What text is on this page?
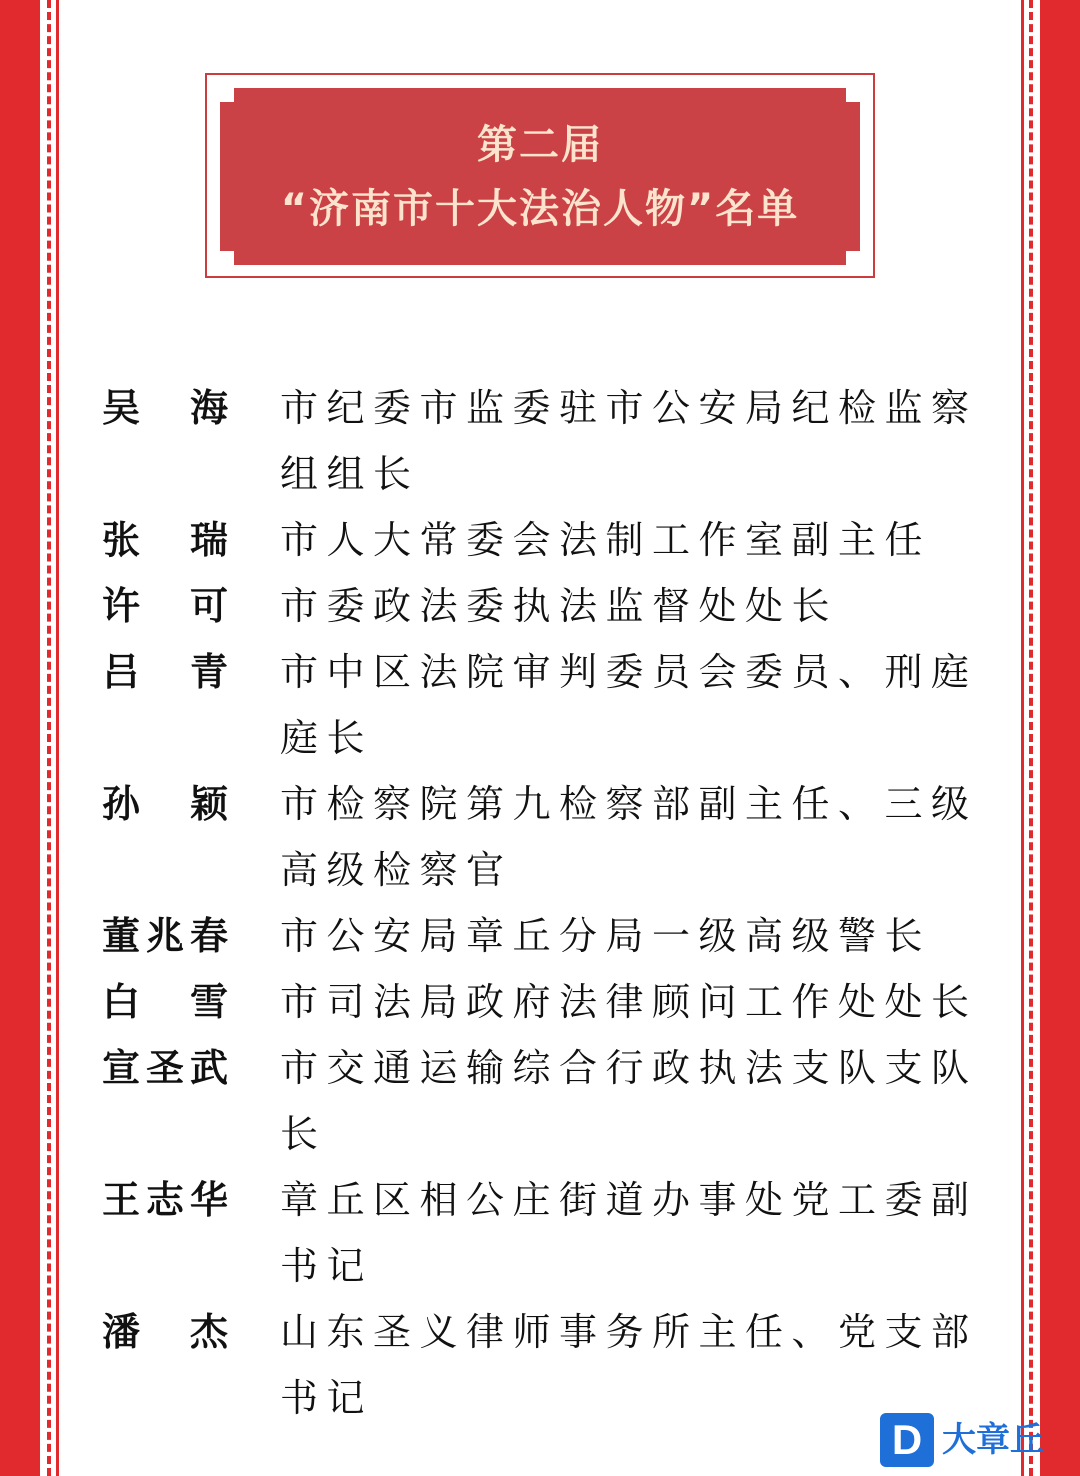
第二届
“济南市十大法治人物”名单
吴海	市纪委市监委驻市公安局纪检监察组组长
张瑞	市人大常委会法制工作室副主任
许可	市委政法委执法监督处处长
吕青	市中区法院审判委员会委员、刑庭庭长
孙颖	市检察院第九检察部副主任、三级高级检察官
董兆春	市公安局章丘分局一级高级警长
白雪	市司法局政府法律顾问工作处处长
宣圣武	市交通运输综合行政执法支队支队长
王志华	章丘区相公庄街道办事处党工委副书记
潘杰	山东圣义律师事务所主任、党支部书记
D 大章丘
